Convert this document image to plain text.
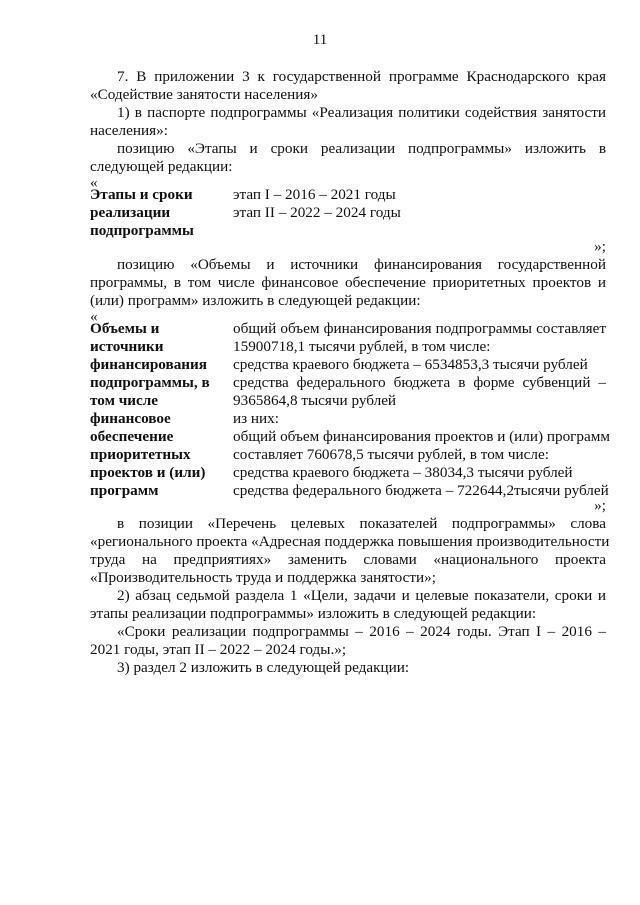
11
7. В приложении 3 к государственной программе Краснодарского края
«Содействие занятости населения»
1) в паспорте подпрограммы «Реализация политики содействия занятости
населения»:
позицию «Этапы и сроки реализации подпрограммы» изложить в
следующей редакции:
«
Этапы и сроки
реализации
подпрограммы
этап I – 2016 – 2021 годы
этап II – 2022 – 2024 годы
»;
позицию «Объемы и источники финансирования государственной
программы, в том числе финансовое обеспечение приоритетных проектов и
(или) программ» изложить в следующей редакции:
«
Объемы и
источники
финансирования
подпрограммы, в
том числе
финансовое
обеспечение
приоритетных
проектов и (или)
программ
общий объем финансирования подпрограммы составляет
15900718,1 тысячи рублей, в том числе:
средства краевого бюджета – 6534853,3 тысячи рублей
средства федерального бюджета в форме субвенций –
9365864,8 тысячи рублей
из них:
общий объем финансирования проектов и (или) программ
составляет 760678,5 тысячи рублей, в том числе:
средства краевого бюджета – 38034,3 тысячи рублей
средства федерального бюджета – 722644,2тысячи рублей
»;
в позиции «Перечень целевых показателей подпрограммы» слова
«регионального проекта «Адресная поддержка повышения производительности
труда на предприятиях» заменить словами «национального проекта
«Производительность труда и поддержка занятости»;
2) абзац седьмой раздела 1 «Цели, задачи и целевые показатели, сроки и
этапы реализации подпрограммы» изложить в следующей редакции:
«Сроки реализации подпрограммы – 2016 – 2024 годы. Этап I – 2016 –
2021 годы, этап II – 2022 – 2024 годы.»;
3) раздел 2 изложить в следующей редакции:
